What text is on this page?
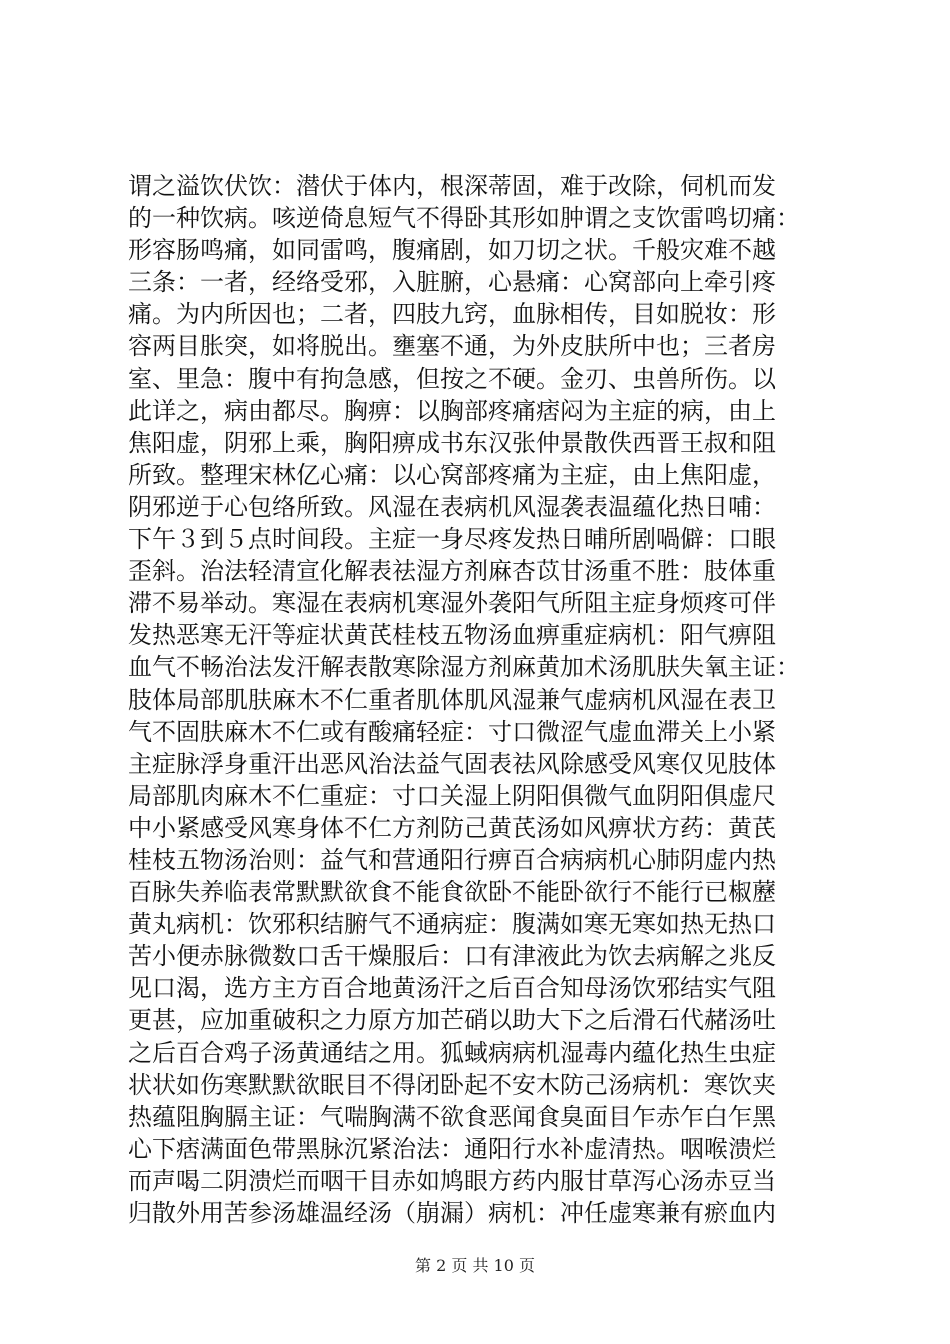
谓之溢饮伏饮：潜伏于体内，根深蒂固，难于改除，伺机而发
的一种饮病。咳逆倚息短气不得卧其形如肿谓之支饮雷鸣切痛：
形容肠鸣痛，如同雷鸣，腹痛剧，如刀切之状。千般灾难不越
三条：一者，经络受邪，入脏腑，心悬痛：心窝部向上牵引疼
痛。为内所因也；二者，四肢九窍，血脉相传，目如脱妆：形
容两目胀突，如将脱出。壅塞不通，为外皮肤所中也；三者房
室、里急：腹中有拘急感，但按之不硬。金刃、虫兽所伤。以
此详之，病由都尽。胸痹：以胸部疼痛痞闷为主症的病，由上
焦阳虚，阴邪上乘，胸阳痹成书东汉张仲景散佚西晋王叔和阻
所致。整理宋林亿心痛：以心窝部疼痛为主症，由上焦阳虚，
阴邪逆于心包络所致。风湿在表病机风湿袭表温蕴化热日哺：
下午３到５点时间段。主症一身尽疼发热日晡所剧喎僻：口眼
歪斜。治法轻清宣化解表祛湿方剂麻杏苡甘汤重不胜：肢体重
滞不易举动。寒湿在表病机寒湿外袭阳气所阻主症身烦疼可伴
发热恶寒无汗等症状黄芪桂枝五物汤血痹重症病机：阳气痹阻
血气不畅治法发汗解表散寒除湿方剂麻黄加术汤肌肤失氧主证：
肢体局部肌肤麻木不仁重者肌体肌风湿兼气虚病机风湿在表卫
气不固肤麻木不仁或有酸痛轻症：寸口微涩气虚血滞关上小紧
主症脉浮身重汗出恶风治法益气固表祛风除感受风寒仅见肢体
局部肌肉麻木不仁重症：寸口关湿上阴阳俱微气血阴阳俱虚尺
中小紧感受风寒身体不仁方剂防己黄芪汤如风痹状方药：黄芪
桂枝五物汤治则：益气和营通阳行痹百合病病机心肺阴虚内热
百脉失养临表常默默欲食不能食欲卧不能卧欲行不能行已椒藶
黄丸病机：饮邪积结腑气不通病症：腹满如寒无寒如热无热口
苦小便赤脉微数口舌干燥服后：口有津液此为饮去病解之兆反
见口渴，选方主方百合地黄汤汗之后百合知母汤饮邪结实气阻
更甚，应加重破积之力原方加芒硝以助大下之后滑石代赭汤吐
之后百合鸡子汤黄通结之用。狐蜮病病机湿毒内蕴化热生虫症
状状如伤寒默默欲眠目不得闭卧起不安木防己汤病机：寒饮夹
热蕴阻胸膈主证：气喘胸满不欲食恶闻食臭面目乍赤乍白乍黑
心下痞满面色带黑脉沉紧治法：通阳行水补虚清热。咽喉溃烂
而声喝二阴溃烂而咽干目赤如鸠眼方药内服甘草泻心汤赤豆当
归散外用苦参汤雄温经汤（崩漏）病机：冲任虚寒兼有瘀血内
第 2 页 共 10 页
